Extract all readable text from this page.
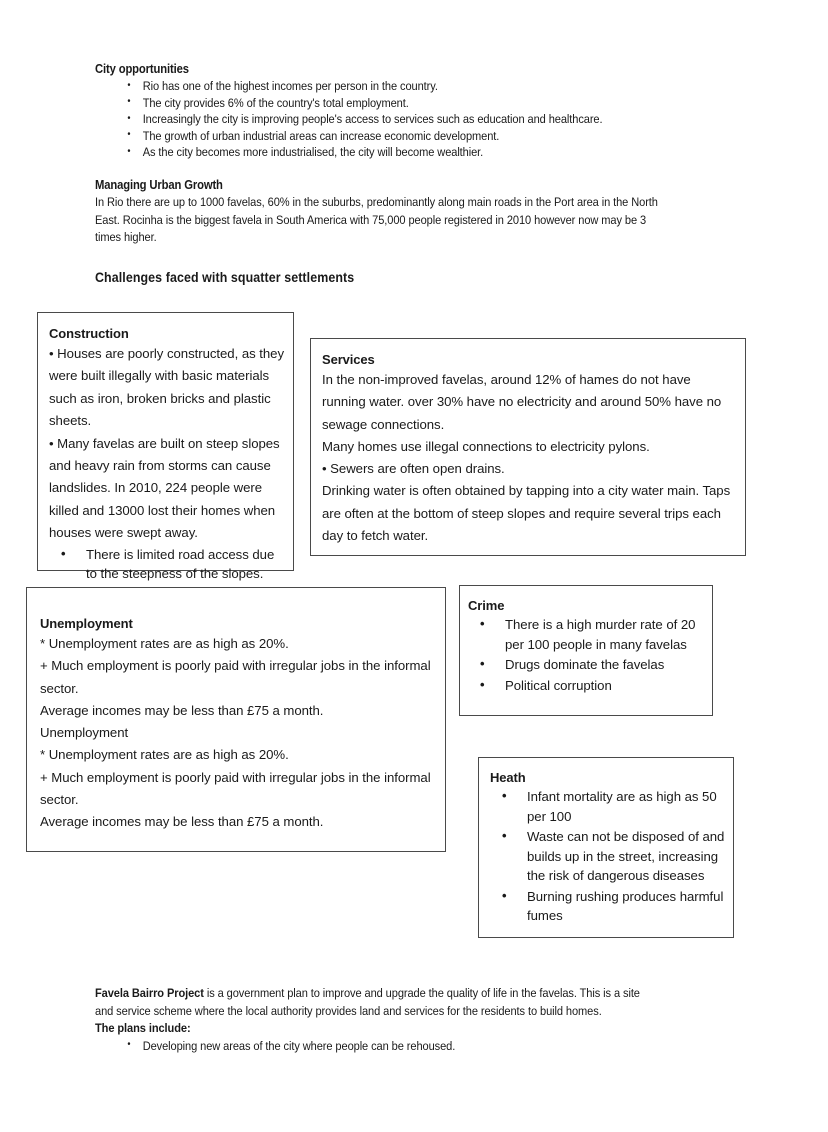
City opportunities
• Rio has one of the highest incomes per person in the country.
• The city provides 6% of the country's total employment.
• Increasingly the city is improving people's access to services such as education and healthcare.
• The growth of urban industrial areas can increase economic development.
• As the city becomes more industrialised, the city will become wealthier.
Managing Urban Growth

In Rio there are up to 1000 favelas, 60% in the suburbs, predominantly along main roads in the Port area in the North East. Rocinha is the biggest favela in South America with 75,000 people registered in 2010 however now may be 3 times higher.

Challenges faced with squatter settlements
Construction

• Houses are poorly constructed, as they were built illegally with basic materials such as iron, broken bricks and plastic sheets.

• Many favelas are built on steep slopes and heavy rain from storms can cause landslides. In 2010, 224 people were killed and 13000 lost their homes when houses were swept away.

• There is limited road access due to the steepness of the slopes.
Services

In the non-improved favelas, around 12% of hames do not have running water. over 30% have no electricity and around 50% have no sewage connections.

Many homes use illegal connections to electricity pylons.

• Sewers are often open drains.

Drinking water is often obtained by tapping into a city water main. Taps are often at the bottom of steep slopes and require several trips each day to fetch water.

Unemployment

* Unemployment rates are as high as 20%.

+ Much employment is poorly paid with irregular jobs in the informal sector.

Average incomes may be less than £75 a month.

Unemployment

* Unemployment rates are as high as 20%.

+ Much employment is poorly paid with irregular jobs in the informal sector.

Average incomes may be less than £75 a month.

Crime
• There is a high murder rate of 20 per 100 people in many favelas
• Drugs dominate the favelas
• Political corruption
Heath
• Infant mortality are as high as 50 per 100
• Waste can not be disposed of and builds up in the street, increasing the risk of dangerous diseases
• Burning rushing produces harmful fumes

Favela Bairro Project is a government plan to improve and upgrade the quality of life in the favelas. This is a site and service scheme where the local authority provides land and services for the residents to build homes.

The plans include:

• Developing new areas of the city where people can be rehoused.
